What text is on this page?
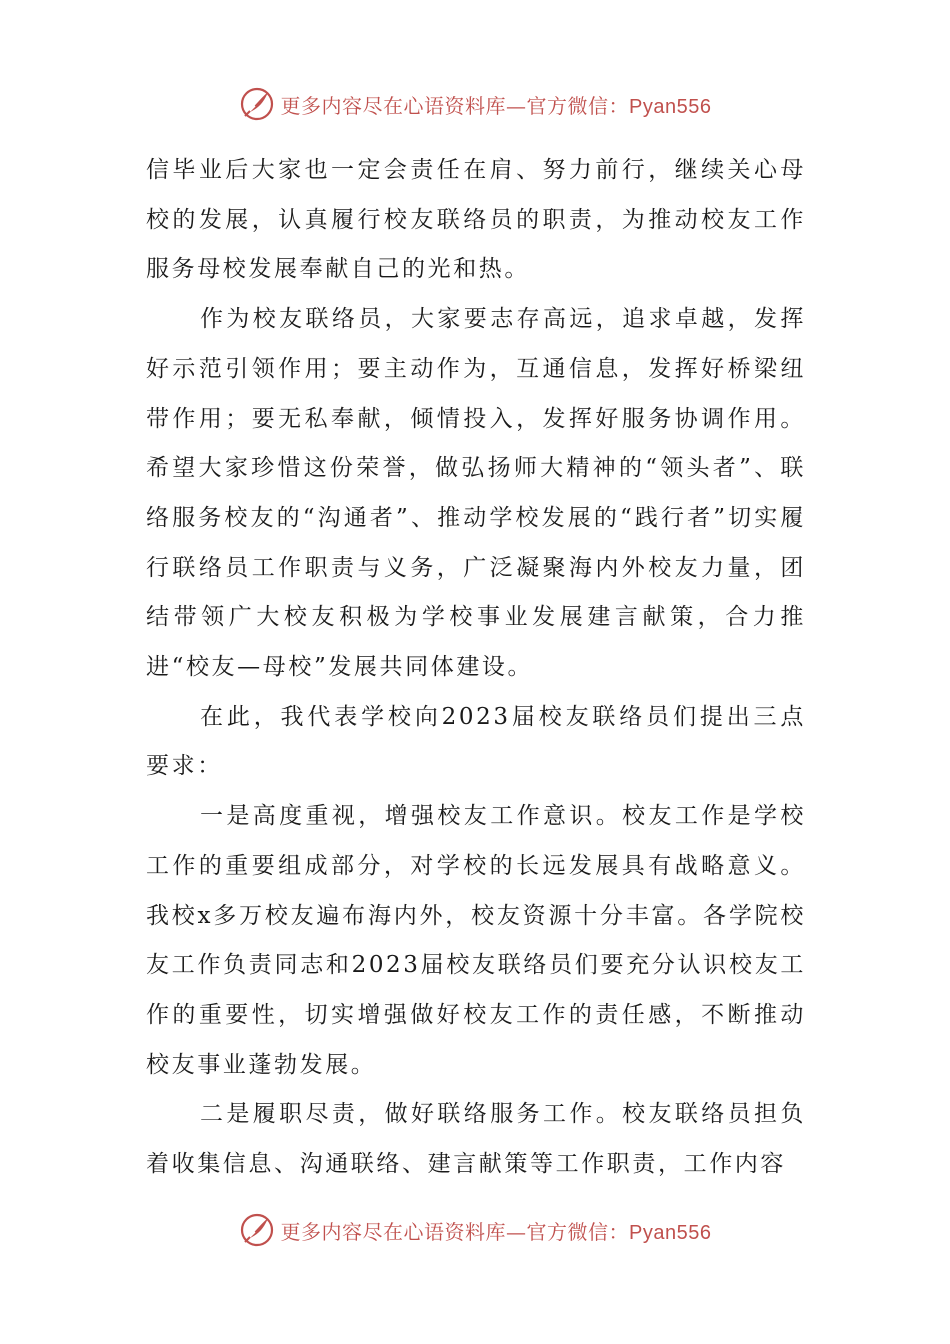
更多内容尽在心语资料库—官方微信：Pyan556

信毕业后大家也一定会责任在肩、努力前行，继续关心母校的发展，认真履行校友联络员的职责，为推动校友工作服务母校发展奉献自己的光和热。

作为校友联络员，大家要志存高远，追求卓越，发挥好示范引领作用；要主动作为，互通信息，发挥好桥梁纽带作用；要无私奉献，倾情投入，发挥好服务协调作用。希望大家珍惜这份荣誉，做弘扬师大精神的“领头者”、联络服务校友的“沟通者”、推动学校发展的“践行者”切实履行联络员工作职责与义务，广泛凝聚海内外校友力量，团结带领广大校友积极为学校事业发展建言献策，合力推进“校友—母校”发展共同体建设。

在此，我代表学校向2023届校友联络员们提出三点要求：

一是高度重视，增强校友工作意识。校友工作是学校工作的重要组成部分，对学校的长远发展具有战略意义。我校x多万校友遍布海内外，校友资源十分丰富。各学院校友工作负责同志和2023届校友联络员们要充分认识校友工作的重要性，切实增强做好校友工作的责任感，不断推动校友事业蓬勃发展。

二是履职尽责，做好联络服务工作。校友联络员担负着收集信息、沟通联络、建言献策等工作职责，工作内容

更多内容尽在心语资料库—官方微信：Pyan556
